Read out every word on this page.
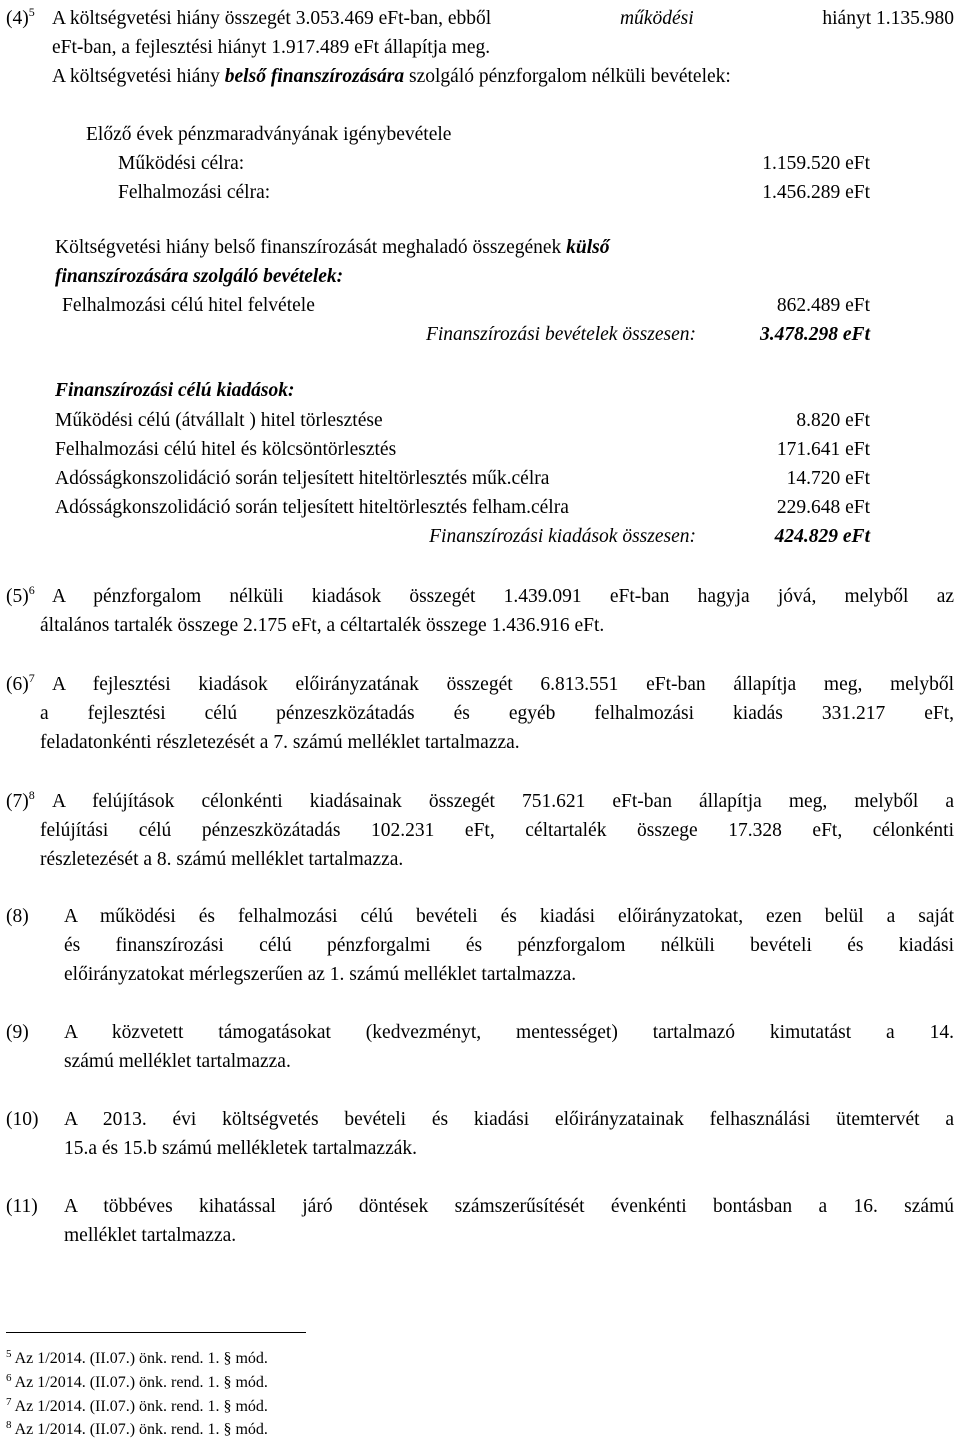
$(4)^5$ A költségvetési hiány összegét 3.053.469 eFt-ban, ebből	működési	hiányt 1.135.980
eFt-ban, a fejlesztési hiányt 1.917.489 eFt állapítja meg.
A költségvetési hiány belső finanszírozására szolgáló pénzforgalom nélküli bevételek:
Előző évek pénzmaradványának igénybevétele
Működési célra:	1.159.520 eFt
Felhalmozási célra:	1.456.289 eFt
Költségvetési hiány belső finanszírozását meghaladó összegének külső
finanszírozására szolgáló bevételek:
Felhalmozási célú hitel felvétele	862.489 eFt
Finanszírozási bevételek összesen:	3.478.298 eFt
Finanszírozási célú kiadások:
Működési célú (átvállalt ) hitel törlesztése	8.820 eFt
Felhalmozási célú hitel és kölcsöntörlesztés	171.641 eFt
Adósságkonszolidáció során teljesített hiteltörlesztés műk.célra	14.720 eFt
Adósságkonszolidáció során teljesített hiteltörlesztés felham.célra	229.648 eFt
Finanszírozási kiadások összesen:	424.829 eFt
$(5)^6$ A pénzforgalom nélküli kiadások összegét 1.439.091 eFt-ban hagyja jóvá, melyből az
általános tartalék összege 2.175 eFt, a céltartalék összege 1.436.916 eFt.
$(6)^7$ A fejlesztési kiadások előirányzatának összegét 6.813.551 eFt-ban állapítja meg, melyből
a fejlesztési célú pénzeszközátadás és egyéb felhalmozási kiadás 331.217 eFt,
feladatonkénti részletezését a 7. számú melléklet tartalmazza.
$(7)^8$ A felújítások célonkénti kiadásainak összegét 751.621 eFt-ban állapítja meg, melyből a
felújítási célú pénzeszközátadás 102.231 eFt, céltartalék összege 17.328 eFt, célonkénti
részletezését a 8. számú melléklet tartalmazza.
(8) A működési és felhalmozási célú bevételi és kiadási előirányzatokat, ezen belül a saját
és finanszírozási célú pénzforgalmi és pénzforgalom nélküli bevételi és kiadási
előirányzatokat mérlegszerűen az 1. számú melléklet tartalmazza.
(9) A közvetett támogatásokat (kedvezményt, mentességet) tartalmazó kimutatást a 14.
számú melléklet tartalmazza.
(10) A 2013. évi költségvetés bevételi és kiadási előirányzatainak felhasználási ütemtervét a
15.a és 15.b számú mellékletek tartalmazzák.
(11) A többéves kihatással járó döntések számszerűsítését évenkénti bontásban a 16. számú
melléklet tartalmazza.
$^5$ Az 1/2014. (II.07.) önk. rend. 1. § mód.
$^6$ Az 1/2014. (II.07.) önk. rend. 1. § mód.
$^7$ Az 1/2014. (II.07.) önk. rend. 1. § mód.
$^8$ Az 1/2014. (II.07.) önk. rend. 1. § mód.
